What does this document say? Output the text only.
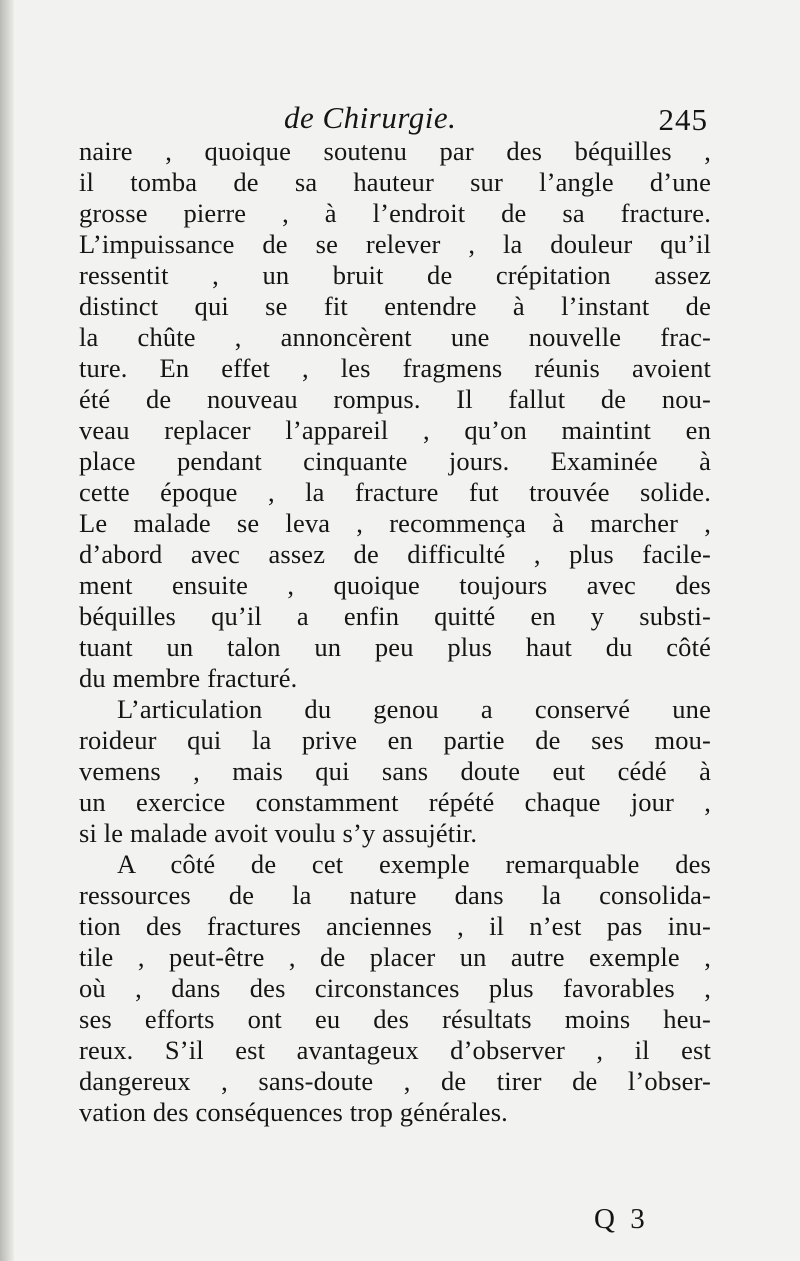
de Chirurgie.	245
naire , quoique soutenu par des béquilles ,
il tomba de sa hauteur sur l’angle d’une
grosse pierre , à l’endroit de sa fracture.
L’impuissance de se relever , la douleur qu’il
ressentit , un bruit de crépitation assez
distinct qui se fit entendre à l’instant de
la chûte , annoncèrent une nouvelle frac-
ture. En effet , les fragmens réunis avoient
été de nouveau rompus. Il fallut de nou-
veau replacer l’appareil , qu’on maintint en
place pendant cinquante jours. Examinée à
cette époque , la fracture fut trouvée solide.
Le malade se leva , recommença à marcher ,
d’abord avec assez de difficulté , plus facile-
ment ensuite , quoique toujours avec des
béquilles qu’il a enfin quitté en y substi-
tuant un talon un peu plus haut du côté
du membre fracturé.
L’articulation du genou a conservé une
roideur qui la prive en partie de ses mou-
vemens , mais qui sans doute eut cédé à
un exercice constamment répété chaque jour ,
si le malade avoit voulu s’y assujétir.
A côté de cet exemple remarquable des
ressources de la nature dans la consolida-
tion des fractures anciennes , il n’est pas inu-
tile , peut-être , de placer un autre exemple ,
où , dans des circonstances plus favorables ,
ses efforts ont eu des résultats moins heu-
reux. S’il est avantageux d’observer , il est
dangereux , sans-doute , de tirer de l’obser-
vation des conséquences trop générales.
Q 3
